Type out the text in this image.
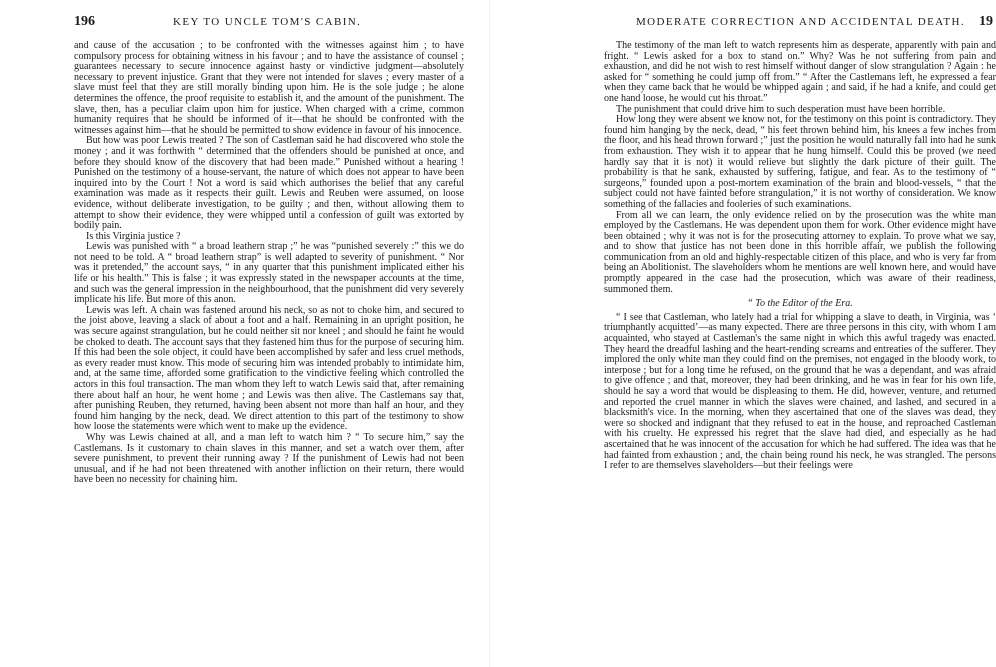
196	KEY TO UNCLE TOM'S CABIN.

and cause of the accusation ; to be confronted with the witnesses against him ; to have compulsory process for obtaining witness in his favour ; and to have the assistance of counsel ; guarantees necessary to secure innocence against hasty or vindictive judgment—absolutely necessary to prevent injustice. Grant that they were not intended for slaves ; every master of a slave must feel that they are still morally binding upon him. He is the sole judge ; he alone determines the offence, the proof requisite to establish it, and the amount of the punishment. The slave, then, has a peculiar claim upon him for justice. When charged with a crime, common humanity requires that he should be informed of it—that he should be confronted with the witnesses against him—that he should be permitted to show evidence in favour of his innocence.

But how was poor Lewis treated ? The son of Castleman said he had discovered who stole the money ; and it was forthwith “ determined that the offenders should be punished at once, and before they should know of the discovery that had been made.” Punished without a hearing ! Punished on the testimony of a house-servant, the nature of which does not appear to have been inquired into by the Court ! Not a word is said which authorises the belief that any careful examination was made as it respects their guilt. Lewis and Reuben were assumed, on loose evidence, without deliberate investigation, to be guilty ; and then, without allowing them to attempt to show their evidence, they were whipped until a confession of guilt was extorted by bodily pain.

Is this Virginia justice ?

Lewis was punished with “ a broad leathern strap ;” he was “punished severely :” this we do not need to be told. A “ broad leathern strap” is well adapted to severity of punishment. “ Nor was it pretended,” the account says, “ in any quarter that this punishment implicated either his life or his health.” This is false ; it was expressly stated in the newspaper accounts at the time, and such was the general impression in the neighbourhood, that the punishment did very severely implicate his life. But more of this anon.

Lewis was left. A chain was fastened around his neck, so as not to choke him, and secured to the joist above, leaving a slack of about a foot and a half. Remaining in an upright position, he was secure against strangulation, but he could neither sit nor kneel ; and should he faint he would be choked to death. The account says that they fastened him thus for the purpose of securing him. If this had been the sole object, it could have been accomplished by safer and less cruel methods, as every reader must know. This mode of securing him was intended probably to intimidate him, and, at the same time, afforded some gratification to the vindictive feeling which controlled the actors in this foul transaction. The man whom they left to watch Lewis said that, after remaining there about half an hour, he went home ; and Lewis was then alive. The Castlemans say that, after punishing Reuben, they returned, having been absent not more than half an hour, and they found him hanging by the neck, dead. We direct attention to this part of the testimony to show how loose the statements were which went to make up the evidence.

Why was Lewis chained at all, and a man left to watch him ? “ To secure him,” say the Castlemans. Is it customary to chain slaves in this manner, and set a watch over them, after severe punishment, to prevent their running away ? If the punishment of Lewis had not been unusual, and if he had not been threatened with another infliction on their return, there would have been no necessity for chaining him.

MODERATE CORRECTION AND ACCIDENTAL DEATH. 19

The testimony of the man left to watch represents him as desperate, apparently with pain and fright. “ Lewis asked for a box to stand on.” Why? Was he not suffering from pain and exhaustion, and did he not wish to rest himself without danger of slow strangulation ? Again : he asked for “ something he could jump off from.” “ After the Castlemans left, he expressed a fear when they came back that he would be whipped again ; and said, if he had a knife, and could get one hand loose, he would cut his throat.”

The punishment that could drive him to such desperation must have been horrible.

How long they were absent we know not, for the testimony on this point is contradictory. They found him hanging by the neck, dead, “ his feet thrown behind him, his knees a few inches from the floor, and his head thrown forward ;” just the position he would naturally fall into had he sunk from exhaustion. They wish it to appear that he hung himself. Could this be proved (we need hardly say that it is not) it would relieve but slightly the dark picture of their guilt. The probability is that he sank, exhausted by suffering, fatigue, and fear. As to the testimony of “ surgeons,” founded upon a post-mortem examination of the brain and blood-vessels, “ that the subject could not have fainted before strangulation,” it is not worthy of consideration. We know something of the fallacies and fooleries of such examinations.

From all we can learn, the only evidence relied on by the prosecution was the white man employed by the Castlemans. He was dependent upon them for work. Other evidence might have been obtained ; why it was not is for the prosecuting attorney to explain. To prove what we say, and to show that justice has not been done in this horrible affair, we publish the following communication from an old and highly-respectable citizen of this place, and who is very far from being an Abolitionist. The slaveholders whom he mentions are well known here, and would have promptly appeared in the case had the prosecution, which was aware of their readiness, summoned them.

“ To the Editor of the Era.

“ I see that Castleman, who lately had a trial for whipping a slave to death, in Virginia, was ‘ triumphantly acquitted’—as many expected. There are three persons in this city, with whom I am acquainted, who stayed at Castleman's the same night in which this awful tragedy was enacted. They heard the dreadful lashing and the heart-rending screams and entreaties of the sufferer. They implored the only white man they could find on the premises, not engaged in the bloody work, to interpose ; but for a long time he refused, on the ground that he was a dependant, and was afraid to give offence ; and that, moreover, they had been drinking, and he was in fear for his own life, should he say a word that would be displeasing to them. He did, however, venture, and returned and reported the cruel manner in which the slaves were chained, and lashed, and secured in a blacksmith's vice. In the morning, when they ascertained that one of the slaves was dead, they were so shocked and indignant that they refused to eat in the house, and reproached Castleman with his cruelty. He expressed his regret that the slave had died, and especially as he had ascertained that he was innocent of the accusation for which he had suffered. The idea was that he had fainted from exhaustion ; and, the chain being round his neck, he was strangled. The persons I refer to are themselves slaveholders—but their feelings were
